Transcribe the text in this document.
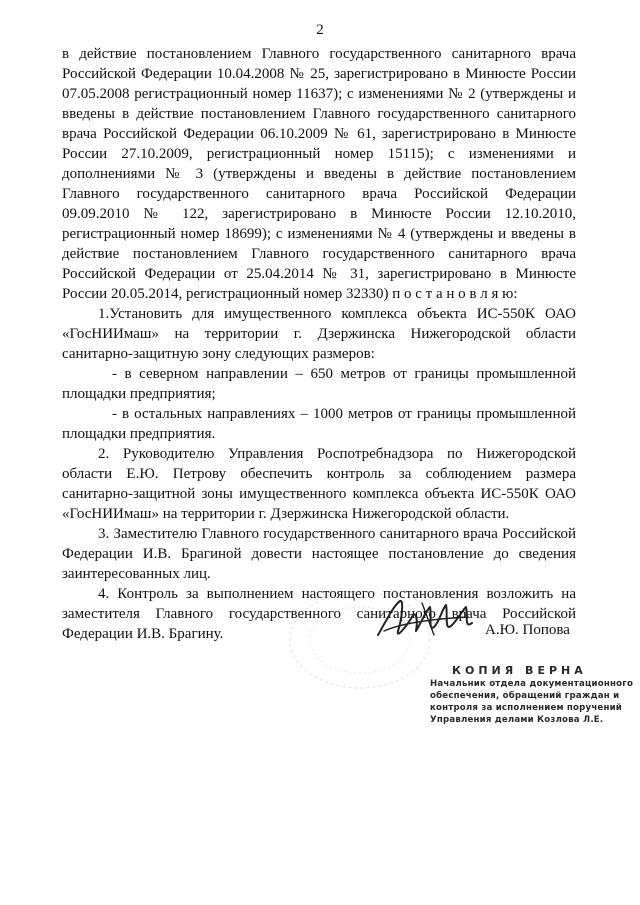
2

в действие постановлением Главного государственного санитарного врача Российской Федерации 10.04.2008 № 25, зарегистрировано в Минюсте России 07.05.2008 регистрационный номер 11637); с изменениями № 2 (утверждены и введены в действие постановлением Главного государственного санитарного врача Российской Федерации 06.10.2009 № 61, зарегистрировано в Минюсте России 27.10.2009, регистрационный номер 15115); с изменениями и дополнениями № 3 (утверждены и введены в действие постановлением Главного государственного санитарного врача Российской Федерации 09.09.2010 № 122, зарегистрировано в Минюсте России 12.10.2010, регистрационный номер 18699); с изменениями № 4 (утверждены и введены в действие постановлением Главного государственного санитарного врача Российской Федерации от 25.04.2014 № 31, зарегистрировано в Минюсте России 20.05.2014, регистрационный номер 32330) п о с т а н о в л я ю:

1.Установить для имущественного комплекса объекта ИС-550К ОАО «ГосНИИмаш» на территории г. Дзержинска Нижегородской области санитарно-защитную зону следующих размеров:

- в северном направлении – 650 метров от границы промышленной площадки предприятия;

- в остальных направлениях – 1000 метров от границы промышленной площадки предприятия.

2. Руководителю Управления Роспотребнадзора по Нижегородской области Е.Ю. Петрову обеспечить контроль за соблюдением размера санитарно-защитной зоны имущественного комплекса объекта ИС-550К ОАО «ГосНИИмаш» на территории г. Дзержинска Нижегородской области.

3. Заместителю Главного государственного санитарного врача Российской Федерации И.В. Брагиной довести настоящее постановление до сведения заинтересованных лиц.

4. Контроль за выполнением настоящего постановления возложить на заместителя Главного государственного санитарного врача Российской Федерации И.В. Брагину.	А.Ю. Попова
КОПИЯ ВЕРНА
Начальник отдела документационного
обеспечения, обращений граждан и
контроля за исполнением поручений
Управления делами Козлова Л.Е.
